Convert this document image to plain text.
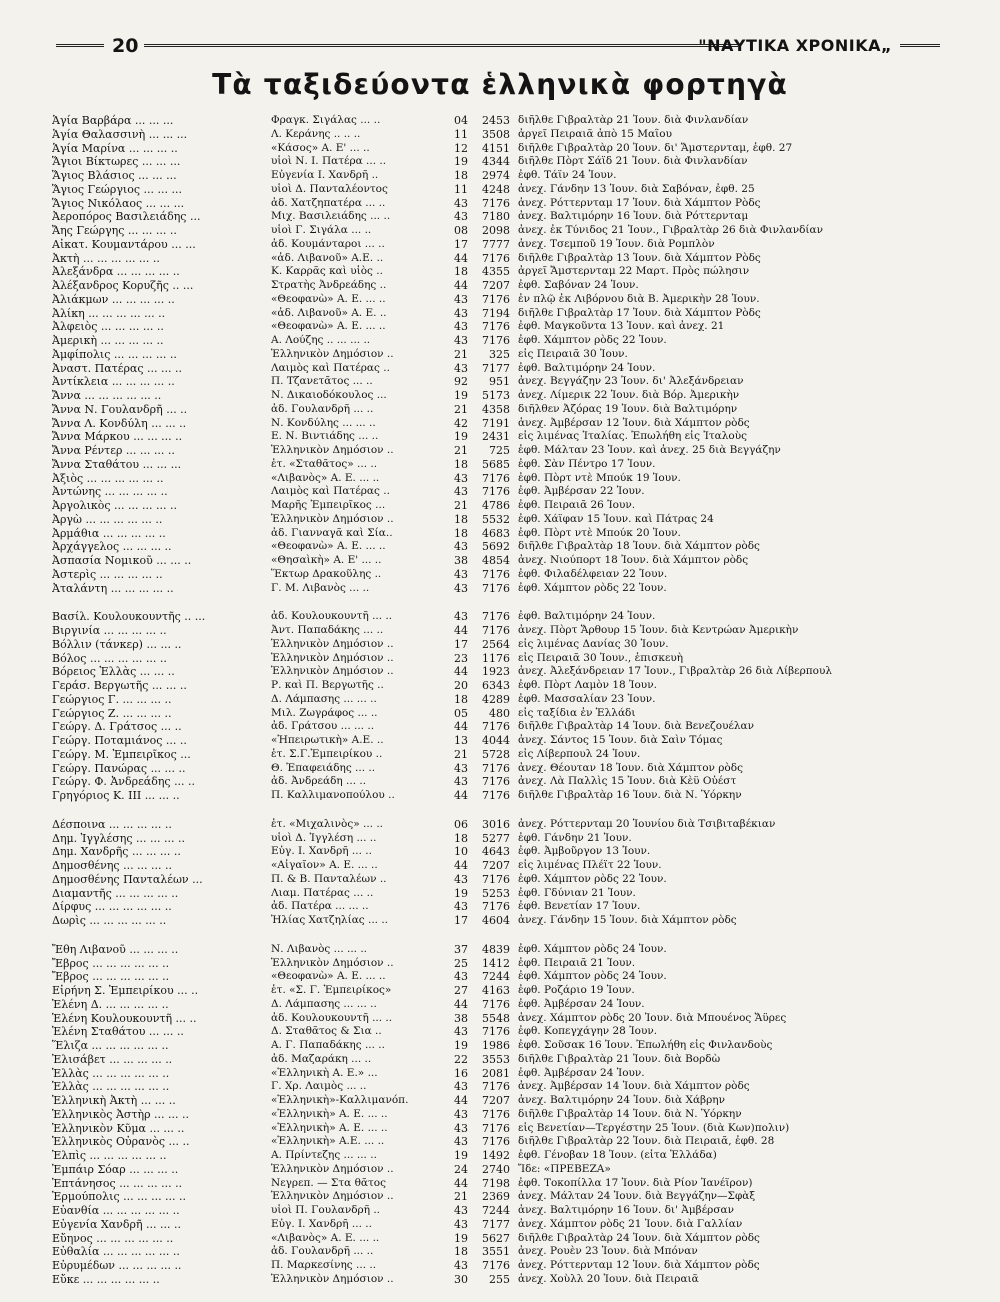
20	"ΝΑΥΤΙΚΑ ΧΡΟΝΙΚΑ„
Τὰ ταξιδεύοντα ἑλληνικὰ φορτηγὰ
Ἁγία Βαρβάρα ... ... ...	Φραγκ. Σιγάλας ... ..	04	2453 διῆλθε Γιβραλτὰρ 21 Ἰουν. διὰ Φινλανδίαν
Ἁγία Θαλασσινὴ ... ... ...	Λ. Κεράνης .. .. ..	11	3508 ἀργεῖ Πειραιᾶ ἀπὸ 15 Μαΐου
Ἁγία Μαρίνα ... ... ... ..	«Κάσος» Α. Ε' ... ..	12	4151 διῆλθε Γιβραλτὰρ 20 Ἰουν. δι' Ἄμστερνταμ, ἐφθ. 27
Ἅγιοι Βίκτωρες ... ... ...	υἱοὶ Ν. Ι. Πατέρα ... ..	19	4344 διῆλθε Πὸρτ Σάϊδ 21 Ἰουν. διὰ Φινλανδίαν
Ἅγιος Βλάσιος ... ... ...	Εὐγενία Ι. Χανδρῆ ..	18	2974 ἐφθ. Τάϊν 24 Ἰουν.
Ἅγιος Γεώργιος ... ... ...	υἱοὶ Δ. Πανταλέοντος	11	4248 ἀνεχ. Γάνδην 13 Ἰουν. διὰ Σαβόναν, ἐφθ. 25
Ἅγιος Νικόλαος ... ... ...	ἀδ. Χατζηπατέρα ... ..	43	7176 ἀνεχ. Ρόττερνταμ 17 Ἰουν. διὰ Χάμπτον Ρὸδς
Ἀεροπόρος Βασιλειάδης ...	Μιχ. Βασιλειάδης ... ..	43	7180 ἀνεχ. Βαλτιμόρην 16 Ἰουν. διὰ Ρόττερνταμ
Ἄης Γεώργης ... ... ... ..	υἱοὶ Γ. Σιγάλα ... ..	08	2098 ἀνεχ. ἐκ Τύνιδος 21 Ἰουν., Γιβραλτὰρ 26 διὰ Φινλανδίαν
Αἰκατ. Κουμαντάρου ... ...	ἀδ. Κουμάνταροι ... ..	17	7777 ἀνεχ. Τσεμποῦ 19 Ἰουν. διὰ Ρομπλὸν
Ἀκτὴ ... ... ... ... ... ..	«ἀδ. Λιβανοῦ» Α.Ε. ..	44	7176 διῆλθε Γιβραλτὰρ 13 Ἰουν. διὰ Χάμπτον Ρὸδς
Ἀλεξάνδρα ... ... ... ... ..	Κ. Καρρᾶς καὶ υἱὸς ..	18	4355 ἀργεῖ Ἄμστερνταμ 22 Μαρτ. Πρὸς πώλησιν
Ἀλέξανδρος Κορυζῆς .. ...	Στρατὴς Ἀνδρεάδης ..	44	7207 ἐφθ. Σαβόναν 24 Ἰουν.
Ἀλιάκμων ... ... ... ... ..	«Θεοφανὼ» Α. Ε. ... ..	43	7176 ἐν πλῷ ἐκ Λιβόρνου διὰ Β. Ἀμερικὴν 28 Ἰουν.
Ἀλίκη ... ... ... ... ... ..	«ἀδ. Λιβανοῦ» Α. Ε. ..	43	7194 διῆλθε Γιβραλτὰρ 17 Ἰουν. διὰ Χάμπτον Ρὸδς
Ἀλφειὸς ... ... ... ... ..	«Θεοφανὼ» Α. Ε. ... ..	43	7176 ἐφθ. Μαγκοῦντα 13 Ἰουν. καὶ ἀνεχ. 21
Ἀμερικὴ ... ... ... ... ..	Α. Λούζης .. ... ... ..	43	7176 ἐφθ. Χάμπτον ρὸδς 22 Ἰουν.
Ἀμφίπολις ... ... ... ... ..	Ἑλληνικὸν Δημόσιον ..	21	325 εἰς Πειραιᾶ 30 Ἰουν.
Ἀναστ. Πατέρας ... ... ..	Λαιμὸς καὶ Πατέρας ..	43	7177 ἐφθ. Βαλτιμόρην 24 Ἰουν.
Ἀντίκλεια ... ... ... ... ..	Π. Τζανετᾶτος ... ..	92	951 ἀνεχ. Βεγγάζην 23 Ἰουν. δι' Ἀλεξάνδρειαν
Ἄννα ... ... ... ... ... ..	Ν. Δικαιοδόκουλος ...	19	5173 ἀνεχ. Λίμερικ 22 Ἰουν. διὰ Βόρ. Ἀμερικὴν
Ἄννα Ν. Γουλανδρῆ ... ..	ἀδ. Γουλανδρῆ ... ..	21	4358 διῆλθεν Ἀζόρας 19 Ἰουν. διὰ Βαλτιμόρην
Ἄννα Λ. Κονδύλη ... ... ..	Ν. Κονδύλης ... ... ..	42	7191 ἀνεχ. Ἀμβέρσαν 12 Ἰουν. διὰ Χάμπτον ρὸδς
Ἄννα Μάρκου ... ... ... ..	Ε. Ν. Βιντιάδης ... ..	19	2431 εἰς λιμένας Ἰταλίας. Ἐπωλήθη εἰς Ἰταλοὺς
Ἄννα Ρέντερ ... ... ... ..	Ἑλληνικὸν Δημόσιον ..	21	725 ἐφθ. Μάλταν 23 Ἰουν. καὶ ἀνεχ. 25 διὰ Βεγγάζην
Ἄννα Σταθάτου ... ... ...	ἑτ. «Σταθᾶτος» ... ..	18	5685 ἐφθ. Σὰν Πέντρο 17 Ἰουν.
Ἀξιὸς ... ... ... ... ... ..	«Λιβανὸς» Α. Ε. ... ..	43	7176 ἐφθ. Πὸρτ ντὲ Μπούκ 19 Ἰουν.
Ἀντώνης ... ... ... ... ..	Λαιμὸς καὶ Πατέρας ..	43	7176 ἐφθ. Ἀμβέρσαν 22 Ἰουν.
Ἀργολικὸς ... ... ... ... ..	Μαρῆς Ἐμπειρῖκος ...	21	4786 ἐφθ. Πειραιᾶ 26 Ἰουν.
Ἀργὼ ... ... ... ... ... ..	Ἑλληνικὸν Δημόσιον ..	18	5532 ἐφθ. Χάϊφαν 15 Ἰουν. καὶ Πάτρας 24
Ἀρμάθια ... ... ... ... ..	ἀδ. Γιανναγᾶ καὶ Σία..	18	4683 ἐφθ. Πὸρτ ντὲ Μπούκ 20 Ἰουν.
Ἀρχάγγελος ... ... ... ..	«Θεοφανὼ» Α. Ε. ... ..	43	5692 διῆλθε Γιβραλτὰρ 18 Ἰουν. διὰ Χάμπτον ρὸδς
Ἀσπασία Νομικοῦ ... ... ..	«Θησαὶκὴ» Α. Ε' ... ..	38	4854 ἀνεχ. Νιούπορτ 18 Ἰουν. διὰ Χάμπτον ρὸδς
Ἀστερὶς ... ... ... ... ..	Ἕκτωρ Δρακοῦλης ..	43	7176 ἐφθ. Φιλαδέλφειαν 22 Ἰουν.
Ἀταλάντη ... ... ... ... ..	Γ. Μ. Λιβανὸς ... ..	43	7176 ἐφθ. Χάμπτον ρὸδς 22 Ἰουν.
Βασίλ. Κουλουκουντῆς .. ...	ἀδ. Κουλουκουντῆ ... ..	43	7176 ἐφθ. Βαλτιμόρην 24 Ἰουν.
Βιργινία ... ... ... ... ..	Ἀντ. Παπαδάκης ... ..	44	7176 ἀνεχ. Πὸρτ Ἄρθουρ 15 Ἰουν. διὰ Κεντρώαν Ἀμερικὴν
Βόλλιν (τάνκερ) ... ... ..	Ἑλληνικὸν Δημόσιον ..	17	2564 εἰς λιμένας Δανίας 30 Ἰουν.
Βόλος ... ... ... ... ... ..	Ἑλληνικὸν Δημόσιον ..	23	1176 εἰς Πειραιᾶ 30 Ἰουν., ἐπισκευὴ
Βόρειος Ἑλλὰς ... ... ..	Ἑλληνικὸν Δημόσιον ..	44	1923 ἀνεχ. Ἀλεξάνδρειαν 17 Ἰουν., Γιβραλτὰρ 26 διὰ Λίβερπουλ
Γεράσ. Βεργωτῆς ... ... ..	Ρ. καὶ Π. Βεργωτῆς ..	20	6343 ἐφθ. Πὸρτ Λαμὸν 18 Ἰουν.
Γεώργιος Γ. ... ... ... ..	Δ. Λάμπασης ... ... ..	18	4289 ἐφθ. Μασσαλίαν 23 Ἰουν.
Γεώργιος Ζ. ... ... ... ..	Μιλ. Ζωγράφος ... ..	05	480 εἰς ταξίδια ἐν Ἑλλάδι
Γεώργ. Δ. Γράτσος ... ..	ἀδ. Γράτσου ... ... ..	44	7176 διῆλθε Γιβραλτὰρ 14 Ἰουν. διὰ Βενεζουέλαν
Γεώργ. Ποταμιάνος ... ..	«Ἠπειρωτικὴ» Α.Ε. ..	13	4044 ἀνεχ. Σάντος 15 Ἰουν. διὰ Σαὶν Τόμας
Γεώργ. Μ. Ἐμπειρῖκος ...	ἑτ. Σ.Γ.Ἐμπειρίκου ..	21	5728 εἰς Λίβερπουλ 24 Ἰουν.
Γεώργ. Πανώρας ... ... ..	Θ. Ἐπαφειάδης ... ..	43	7176 ἀνεχ. Θέουταν 18 Ἰουν. διὰ Χάμπτον ρὸδς
Γεώργ. Φ. Ἀνδρεάδης ... ..	ἀδ. Ἀνδρεάδη ... ..	43	7176 ἀνεχ. Λὰ Παλλὶς 15 Ἰουν. διὰ Κὲϋ Οὐέστ
Γρηγόριος Κ. ΙΙΙ ... ... ..	Π. Καλλιμανοπούλου ..	44	7176 διῆλθε Γιβραλτὰρ 16 Ἰουν. διὰ Ν. Ὑόρκην
Δέσποινα ... ... ... ... ..	ἑτ. «Μιχαλινὸς» ... ..	06	3016 ἀνεχ. Ρόττερνταμ 20 Ἰουνίου διὰ Τσιβιταβέκιαν
Δημ. Ἰγγλέσης ... ... ... ..	υἱοὶ Δ. Ἰγγλέση ... ..	18	5277 ἐφθ. Γάνδην 21 Ἰουν.
Δημ. Χανδρῆς ... ... ... ..	Εὐγ. Ι. Χανδρῆ ... ..	10	4643 ἐφθ. Ἀμβοῦργον 13 Ἰουν.
Δημοσθένης ... ... ... ..	«Αἰγαῖον» Α. Ε. ... ..	44	7207 εἰς λιμένας Πλέϊτ 22 Ἰουν.
Δημοσθένης Πανταλέων ...	Π. & Β. Πανταλέων ..	43	7176 ἐφθ. Χάμπτον ρὸδς 22 Ἰουν.
Διαμαντῆς ... ... ... ... ..	Λιαμ. Πατέρας ... ..	19	5253 ἐφθ. Γδύνιαν 21 Ἰουν.
Δίρφυς ... ... ... ... ... ..	ἀδ. Πατέρα ... ... ..	43	7176 ἐφθ. Βενετίαν 17 Ἰουν.
Δωρὶς ... ... ... ... ... ..	Ἠλίας Χατζηλίας ... ..	17	4604 ἀνεχ. Γάνδην 15 Ἰουν. διὰ Χάμπτον ρὸδς
Ἔθη Λιβανοῦ ... ... ... ..	Ν. Λιβανὸς ... ... ..	37	4839 ἐφθ. Χάμπτον ρὸδς 24 Ἰουν.
Ἔβρος ... ... ... ... ... ..	Ἑλληνικὸν Δημόσιον ..	25	1412 ἐφθ. Πειραιᾶ 21 Ἰουν.
Ἔβρος ... ... ... ... ... ..	«Θεοφανὼ» Α. Ε. ... ..	43	7244 ἐφθ. Χάμπτον ρὸδς 24 Ἰουν.
Εἰρήνη Σ. Ἐμπειρίκου ... ..	ἑτ. «Σ. Γ. Ἐμπειρίκος»	27	4163 ἐφθ. Ροζάριο 19 Ἰουν.
Ἑλένη Δ. ... ... ... ... ..	Δ. Λάμπασης ... ... ..	44	7176 ἐφθ. Ἀμβέρσαν 24 Ἰουν.
Ἑλένη Κουλουκουντῆ ... ..	ἀδ. Κουλουκουντῆ ... ..	38	5548 ἀνεχ. Χάμπτον ρὸδς 20 Ἰουν. διὰ Μπουένος Ἄϋρες
Ἑλένη Σταθάτου ... ... ..	Δ. Σταθᾶτος & Σια ..	43	7176 ἐφθ. Κοπεγχάγην 28 Ἰουν.
Ἕλιζα ... ... ... ... ... ..	Α. Γ. Παπαδάκης ... ..	19	1986 ἐφθ. Σοῦσακ 16 Ἰουν. Ἐπωλήθη εἰς Φινλανδοὺς
Ἐλισάβετ ... ... ... ... ..	ἀδ. Μαζαράκη ... ..	22	3553 διῆλθε Γιβραλτὰρ 21 Ἰουν. διὰ Βορδὼ
Ἑλλὰς ... ... ... ... ... ..	«Ἑλληνικὴ Α. Ε.» ...	16	2081 ἐφθ. Ἀμβέρσαν 24 Ἰουν.
Ἑλλὰς ... ... ... ... ... ..	Γ. Χρ. Λαιμὸς ... ..	43	7176 ἀνεχ. Ἀμβέρσαν 14 Ἰουν. διὰ Χάμπτον ρὸδς
Ἑλληνικὴ Ἀκτὴ ... ... ..	«Ἑλληνικὴ»-Καλλιμανόπ.	44	7207 ἀνεχ. Βαλτιμόρην 24 Ἰουν. διὰ Χάβρην
Ἑλληνικὸς Ἀστὴρ ... ... ..	«Ἑλληνικὴ» Α. Ε. ... ..	43	7176 διῆλθε Γιβραλτὰρ 14 Ἰουν. διὰ Ν. Ὑόρκην
Ἑλληνικὸν Κῦμα ... ... ..	«Ἑλληνικὴ» Α. Ε. ... ..	43	7176 εἰς Βενετίαν—Τεργέστην 25 Ἰουν. (διὰ Κων)πολιν)
Ἑλληνικὸς Οὐρανὸς ... ..	«Ἑλληνικὴ» Α.Ε. ... ..	43	7176 διῆλθε Γιβραλτὰρ 22 Ἰουν. διὰ Πειραιᾶ, ἐφθ. 28
Ἐλπὶς ... ... ... ... ... ..	Α. Πρίντεζης ... ... ..	19	1492 ἐφθ. Γένοβαν 18 Ἰουν. (εἶτα Ἑλλάδα)
Ἐμπάιρ Σόαρ ... ... ... ..	Ἑλληνικὸν Δημόσιον ..	24	2740 Ἴδε: «ΠΡΕΒΕΖΑ»
Ἐπτάνησος ... ... ... ... ..	Νεγρεπ. — Στα θᾶτος	44	7198 ἐφθ. Τοκοπίλλα 17 Ἰουν. διὰ Ρίον Ἰανέϊρον)
Ἐρμούπολις ... ... ... ... ..	Ἑλληνικὸν Δημόσιον ..	21	2369 ἀνεχ. Μάλταν 24 Ἰουν. διὰ Βεγγάζην—Σφὰξ
Εὐανθία ... ... ... ... ... ..	υἱοὶ Π. Γουλανδρῆ ..	43	7244 ἀνεχ. Βαλτιμόρην 16 Ἰουν. δι' Ἀμβέρσαν
Εὐγενία Χανδρῆ ... ... ..	Εὐγ. Ι. Χανδρῆ ... ..	43	7177 ἀνεχ. Χάμπτον ρὸδς 21 Ἰουν. διὰ Γαλλίαν
Εὔηνος ... ... ... ... ... ..	«Λιβανὸς» Α. Ε. ... ..	19	5627 διῆλθε Γιβραλτὰρ 24 Ἰουν. διὰ Χάμπτον ρὸδς
Εὐθαλία ... ... ... ... ... ..	ἀδ. Γουλανδρῆ ... ..	18	3551 ἀνεχ. Ρουὲν 23 Ἰουν. διὰ Μπόναν
Εὐρυμέδων ... ... ... ... ..	Π. Μαρκεσίνης ... ..	43	7176 ἀνεχ. Ρόττερνταμ 12 Ἰουν. διὰ Χάμπτον ρὸδς
Εὔκε ... ... ... ... ... ..	Ἑλληνικὸν Δημόσιον ..	30	255 ἀνεχ. Χοὺλλ 20 Ἰουν. διὰ Πειραιᾶ
